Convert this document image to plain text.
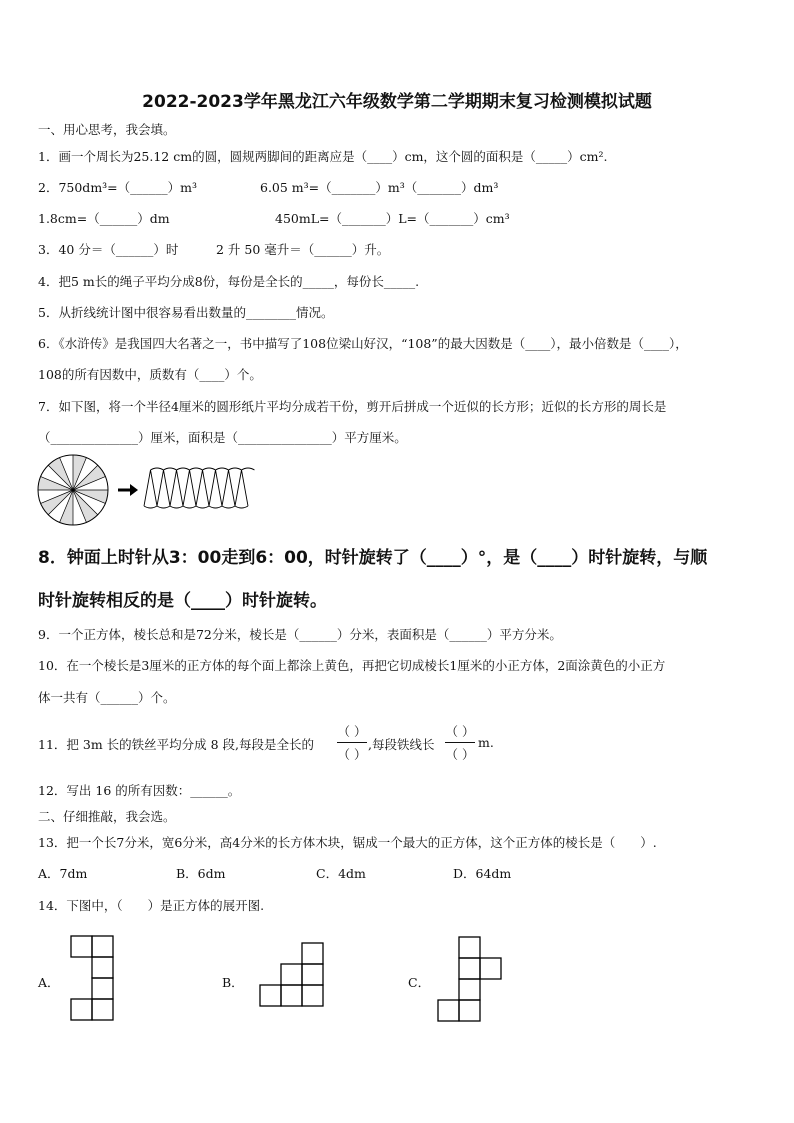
2022-2023学年黑龙江六年级数学第二学期期末复习检测模拟试题
一、用心思考，我会填。
1．画一个周长为25.12 cm的圆，圆规两脚间的距离应是（____）cm，这个圆的面积是（_____）cm².
2．750dm³=（______）m³	6.05 m³=（_______）m³（_______）dm³
1.8cm=（______）dm	450mL=（_______）L=（_______）cm³
3．40 分＝（______）时	2 升 50 毫升＝（______）升。
4．把5 m长的绳子平均分成8份，每份是全长的_____，每份长_____.
5．从折线统计图中很容易看出数量的________情况。
6．《水浒传》是我国四大名著之一，书中描写了108位梁山好汉，“108”的最大因数是（____），最小倍数是（____），
108的所有因数中，质数有（____）个。
7．如下图，将一个半径4厘米的圆形纸片平均分成若干份，剪开后拼成一个近似的长方形；近似的长方形的周长是
（______________）厘米，面积是（_______________）平方厘米。
8．钟面上时针从3：00走到6：00，时针旋转了（____）°，是（____）时针旋转，与顺
时针旋转相反的是（____）时针旋转。
9．一个正方体，棱长总和是72分米，棱长是（______）分米，表面积是（______）平方分米。
10．在一个棱长是3厘米的正方体的每个面上都涂上黄色，再把它切成棱长1厘米的小正方体，2面涂黄色的小正方
体一共有（______）个。
11．把 3m 长的铁丝平均分成 8 段,每段是全长的
（ ）
（ ）
,每段铁线长
（ ）
（ ）
m.
12．写出 16 的所有因数：______。
二、仔细推敲，我会选。
13．把一个长7分米，宽6分米，高4分米的长方体木块，锯成一个最大的正方体，这个正方体的棱长是（　　）.
A．7dm	B．6dm	C．4dm	D．64dm
14．下图中，（　　）是正方体的展开图.
A．	B．	C．
